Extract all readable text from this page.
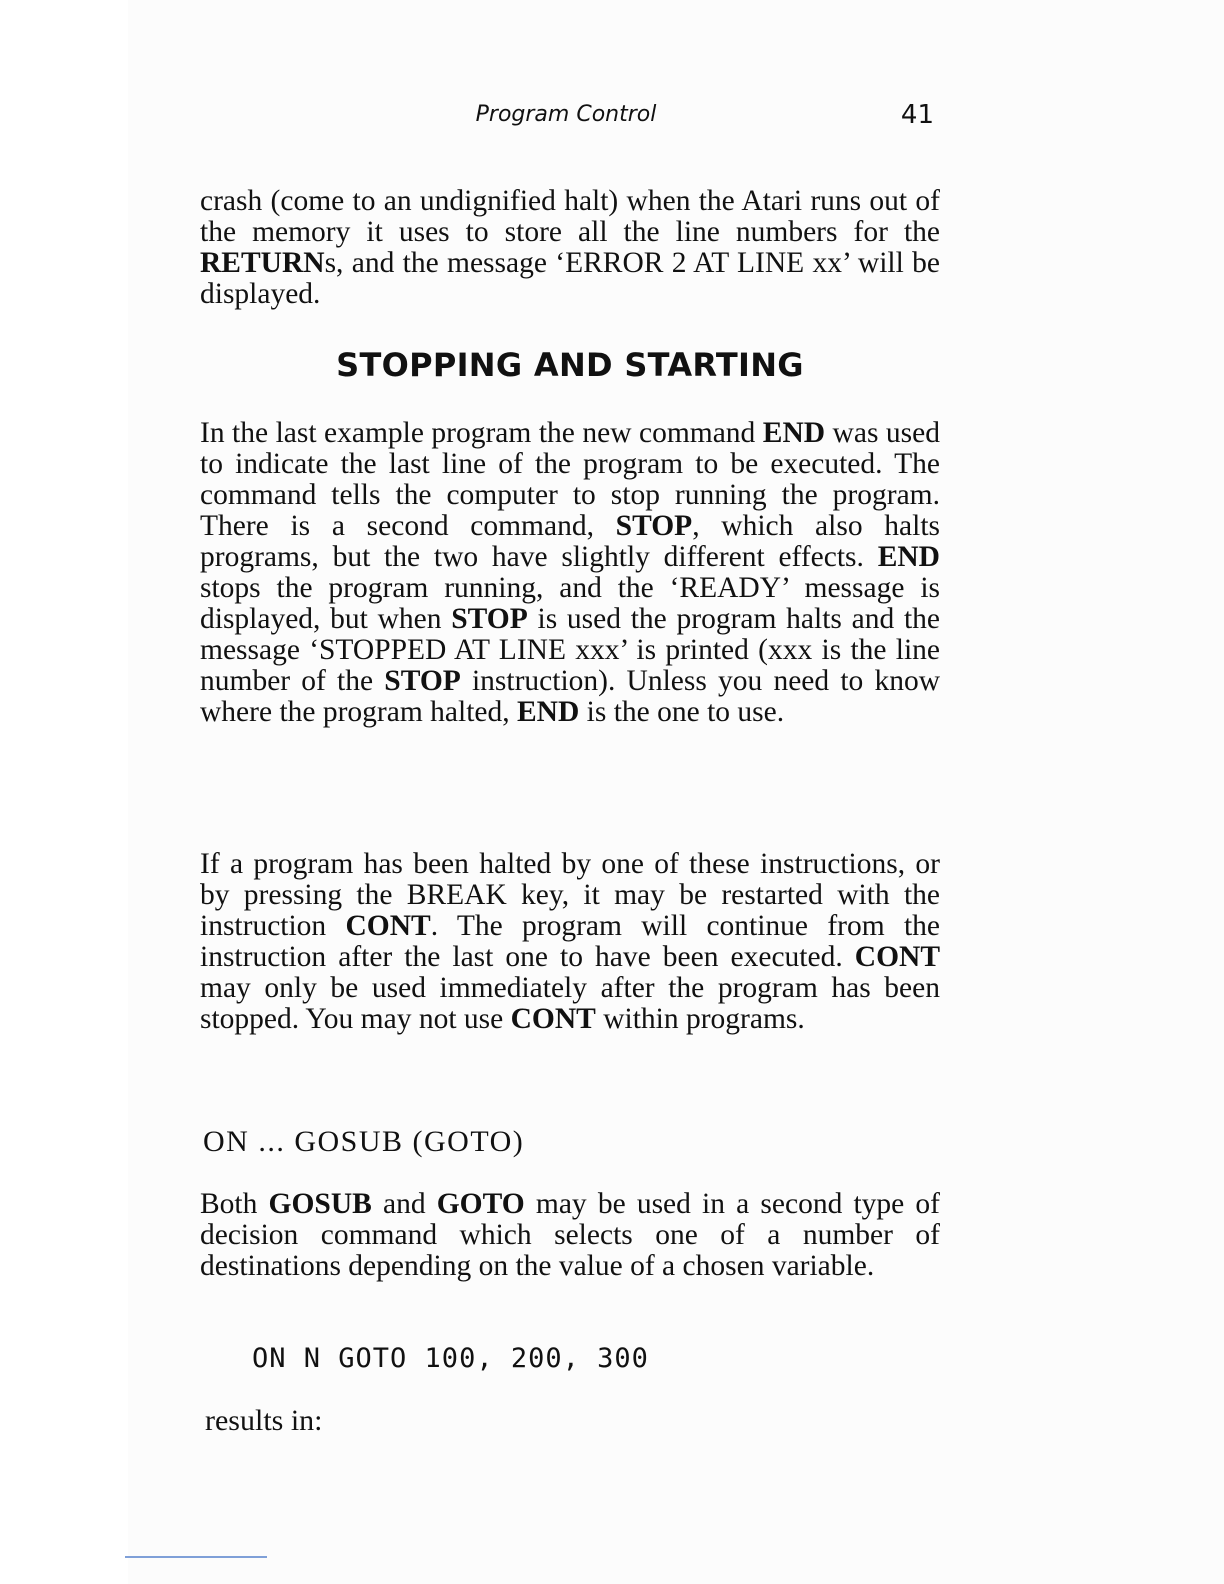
Program Control	41
crash (come to an undignified halt) when the Atari runs out of the memory it uses to store all the line numbers for the RETURNs, and the message ‘ERROR 2 AT LINE xx’ will be displayed.
STOPPING AND STARTING
In the last example program the new command END was used to indicate the last line of the program to be executed. The command tells the computer to stop running the program. There is a second command, STOP, which also halts programs, but the two have slightly different effects. END stops the program running, and the ‘READY’ message is displayed, but when STOP is used the program halts and the message ‘STOPPED AT LINE xxx’ is printed (xxx is the line number of the STOP instruction). Unless you need to know where the program halted, END is the one to use.
If a program has been halted by one of these instructions, or by pressing the BREAK key, it may be restarted with the instruction CONT. The program will continue from the instruction after the last one to have been executed. CONT may only be used immediately after the program has been stopped. You may not use CONT within programs.
ON ... GOSUB (GOTO)
Both GOSUB and GOTO may be used in a second type of decision command which selects one of a number of destinations depending on the value of a chosen variable.
ON N GOTO 100, 200, 300
results in:
